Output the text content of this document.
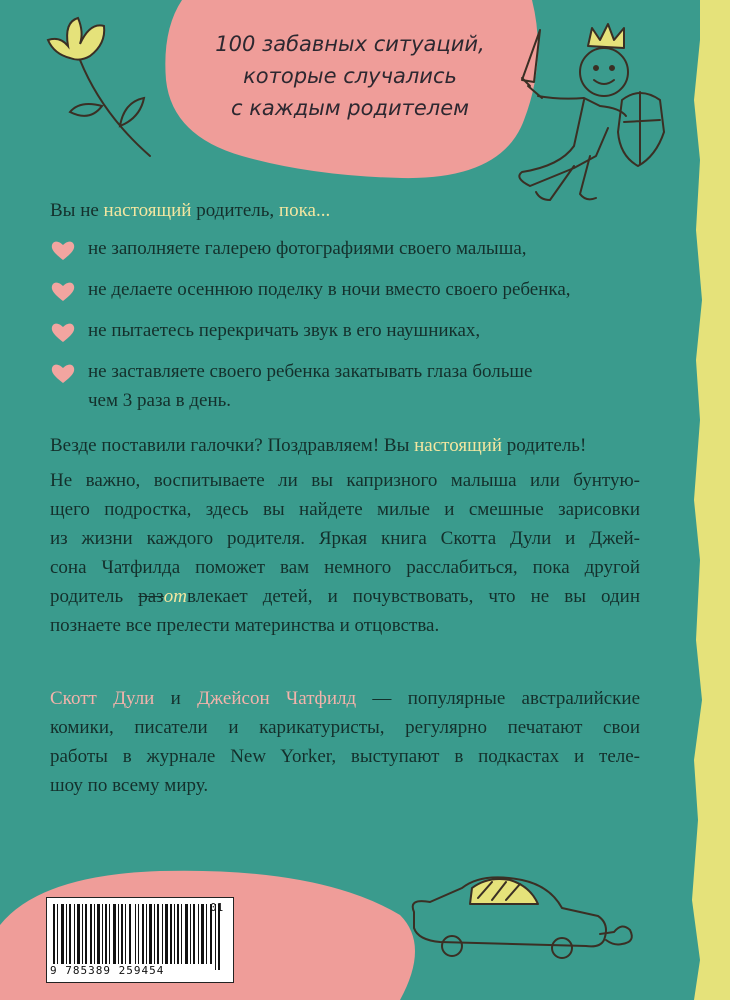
100 забавных ситуаций,
которые случались
с каждым родителем
Вы не настоящий родитель, пока...
не заполняете галерею фотографиями своего малыша,
не делаете осеннюю поделку в ночи вместо своего ребенка,
не пытаетесь перекричать звук в его наушниках,
не заставляете своего ребенка закатывать глаза больше
чем 3 раза в день.
Везде поставили галочки? Поздравляем! Вы настоящий родитель!
Не важно, воспитываете ли вы капризного малыша или бунтую-
щего подростка, здесь вы найдете милые и смешные зарисовки
из жизни каждого родителя. Яркая книга Скотта Дули и Джей-
сона Чатфилда поможет вам немного расслабиться, пока другой
родитель разотвлекает детей, и почувствовать, что не вы один
познаете все прелести материнства и отцовства.
Скотт Дули и Джейсон Чатфилд — популярные австралийские
комики, писатели и карикатуристы, регулярно печатают свои
работы в журнале New Yorker, выступают в подкастах и теле-
шоу по всему миру.
9 785389 259454
01
